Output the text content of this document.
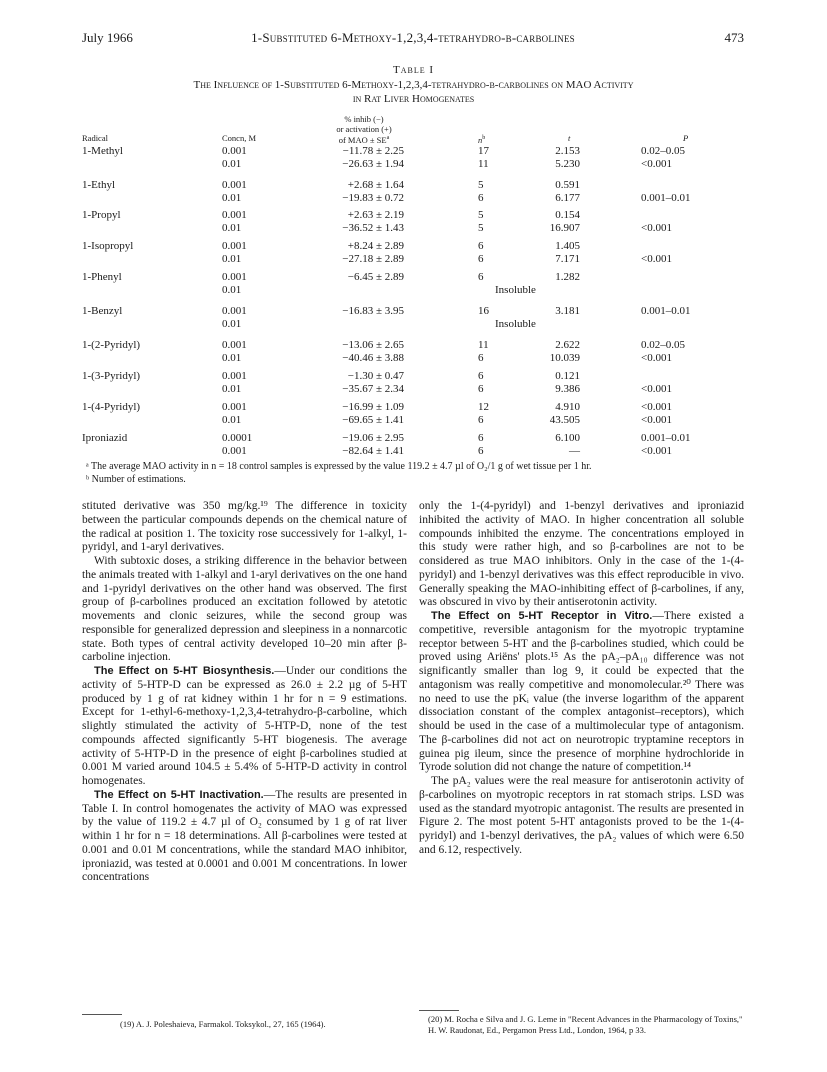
July 1966	1-Substituted 6-Methoxy-1,2,3,4-tetrahydro-β-carbolines	473
Table I
The Influence of 1-Substituted 6-Methoxy-1,2,3,4-tetrahydro-β-carbolines on MAO Activity
in Rat Liver Homogenates
Radical	Concn, M
% inhib (−)
or activation (+)
of MAO ± $SE^a$	$n^b$	t	P
1-Methyl	0.001	−11.78 ± 2.25	17	2.153	0.02–0.05
0.01	−26.63 ± 1.94	11	5.230	<0.001
1-Ethyl	0.001	+2.68 ± 1.64	5	0.591
0.01	−19.83 ± 0.72	6	6.177	0.001–0.01
1-Propyl	0.001	+2.63 ± 2.19	5	0.154
0.01	−36.52 ± 1.43	5	16.907	<0.001
1-Isopropyl	0.001	+8.24 ± 2.89	6	1.405
0.01	−27.18 ± 2.89	6	7.171	<0.001
1-Phenyl	0.001	−6.45 ± 2.89	6	1.282
0.01	Insoluble
1-Benzyl	0.001	−16.83 ± 3.95	16	3.181	0.001–0.01
0.01	Insoluble
1-(2-Pyridyl)	0.001	−13.06 ± 2.65	11	2.622	0.02–0.05
0.01	−40.46 ± 3.88	6	10.039	<0.001
1-(3-Pyridyl)	0.001	−1.30 ± 0.47	6	0.121
0.01	−35.67 ± 2.34	6	9.386	<0.001
1-(4-Pyridyl)	0.001	−16.99 ± 1.09	12	4.910	<0.001
0.01	−69.65 ± 1.41	6	43.505	<0.001
Iproniazid	0.0001	−19.06 ± 2.95	6	6.100	0.001–0.01
0.001	−82.64 ± 1.41	6	—	<0.001
ᵃ The average MAO activity in n = 18 control samples is expressed by the value 119.2 ± 4.7 µl of O₂/1 g of wet tissue per 1 hr.
ᵇ Number of estimations.

stituted derivative was 350 mg/kg.¹⁹ The difference in toxicity between the particular compounds depends on the chemical nature of the radical at position 1. The toxicity rose successively for 1-alkyl, 1-pyridyl, and 1-aryl derivatives.

With subtoxic doses, a striking difference in the behavior between the animals treated with 1-alkyl and 1-aryl derivatives on the one hand and 1-pyridyl derivatives on the other hand was observed. The first group of β-carbolines produced an excitation followed by atetotic movements and clonic seizures, while the second group was responsible for generalized depression and sleepiness in a nonnarcotic state. Both types of central activity developed 10–20 min after β-carboline injection.

The Effect on 5-HT Biosynthesis.—Under our conditions the activity of 5-HTP-D can be expressed as 26.0 ± 2.2 µg of 5-HT produced by 1 g of rat kidney within 1 hr for n = 9 estimations. Except for 1-ethyl-6-methoxy-1,2,3,4-tetrahydro-β-carboline, which slightly stimulated the activity of 5-HTP-D, none of the test compounds affected significantly 5-HT biogenesis. The average activity of 5-HTP-D in the presence of eight β-carbolines studied at 0.001 M varied around 104.5 ± 5.4% of 5-HTP-D activity in control homogenates.

The Effect on 5-HT Inactivation.—The results are presented in Table I. In control homogenates the activity of MAO was expressed by the value of 119.2 ± 4.7 µl of O₂ consumed by 1 g of rat liver within 1 hr for n = 18 determinations. All β-carbolines were tested at 0.001 and 0.01 M concentrations, while the standard MAO inhibitor, iproniazid, was tested at 0.0001 and 0.001 M concentrations. In lower concentrations

only the 1-(4-pyridyl) and 1-benzyl derivatives and iproniazid inhibited the activity of MAO. In higher concentration all soluble compounds inhibited the enzyme. The concentrations employed in this study were rather high, and so β-carbolines are not to be considered as true MAO inhibitors. Only in the case of the 1-(4-pyridyl) and 1-benzyl derivatives was this effect reproducible in vivo. Generally speaking the MAO-inhibiting effect of β-carbolines, if any, was obscured in vivo by their antiserotonin activity.

The Effect on 5-HT Receptor in Vitro.—There existed a competitive, reversible antagonism for the myotropic tryptamine receptor between 5-HT and the β-carbolines studied, which could be proved using Ariëns' plots.¹⁵ As the pA₂–pA₁₀ difference was not significantly smaller than log 9, it could be expected that the antagonism was really competitive and monomolecular.²⁰ There was no need to use the pKᵢ value (the inverse logarithm of the apparent dissociation constant of the complex antagonist–receptors), which should be used in the case of a multimolecular type of antagonism. The β-carbolines did not act on neurotropic tryptamine receptors in guinea pig ileum, since the presence of morphine hydrochloride in Tyrode solution did not change the nature of competition.¹⁴

The pA₂ values were the real measure for antiserotonin activity of β-carbolines on myotropic receptors in rat stomach strips. LSD was used as the standard myotropic antagonist. The results are presented in Figure 2. The most potent 5-HT antagonists proved to be the 1-(4-pyridyl) and 1-benzyl derivatives, the pA₂ values of which were 6.50 and 6.12, respectively.

(19) A. J. Poleshaieva, Farmakol. Toksykol., 27, 165 (1964).	(20) M. Rocha e Silva and J. G. Leme in "Recent Advances in the Pharmacology of Toxins," H. W. Raudonat, Ed., Pergamon Press Ltd., London, 1964, p 33.
